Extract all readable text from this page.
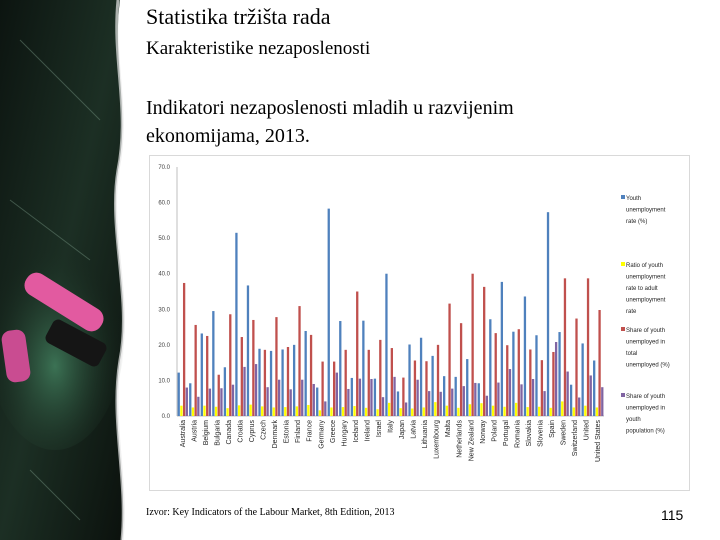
Statistika tržišta rada
Karakteristike nezaposlenosti
Indikatori nezaposlenosti mladih u razvijenim
ekonomijama, 2013.
0.0
10.0
20.0
30.0
40.0
50.0
60.0
70.0
Australia Austria Belgium Bulgaria Canada Croatia Cyprus Czech Denmark Estonia Finland France Germany Greece Hungary Iceland Ireland Israel Italy Japan Latvia Lithuania Luxembourg Malta Netherlands New Zealand Norway Poland Portugal Romania Slovakia Slovenia Spain Sweden Switzerland United United States
Youth unemployment rate (%)
Ratio of youth unemployment rate to adult unemployment rate
Share of youth unemployed in total unemployed (%)
Share of youth unemployed in youth population (%)
Izvor: Key Indicators of the Labour Market, 8th Edition, 2013	115
